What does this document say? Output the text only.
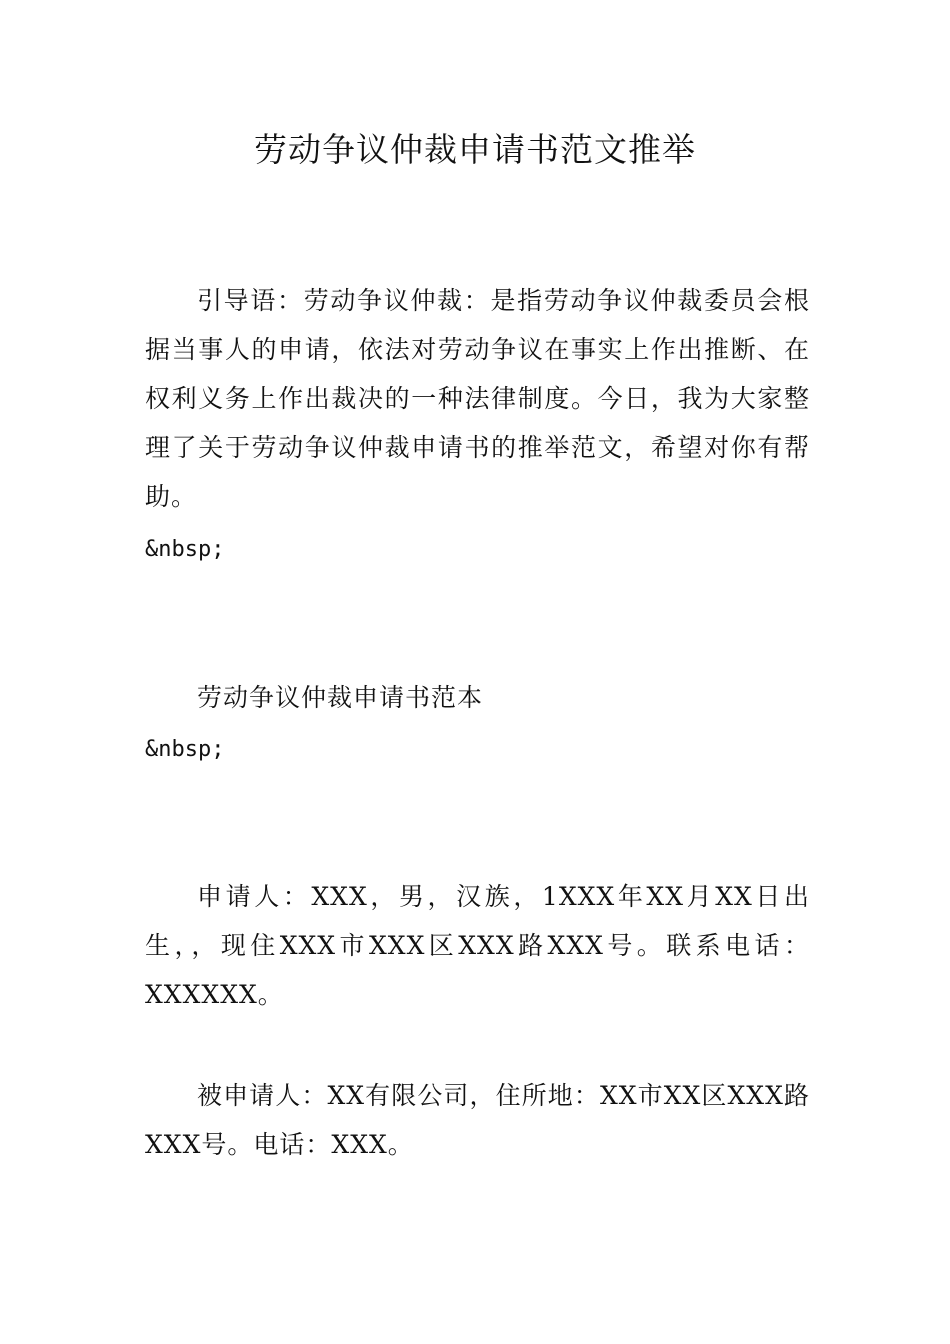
劳动争议仲裁申请书范文推举

引导语：劳动争议仲裁：是指劳动争议仲裁委员会根据当事人的申请，依法对劳动争议在事实上作出推断、在权利义务上作出裁决的一种法律制度。今日，我为大家整理了关于劳动争议仲裁申请书的推举范文，希望对你有帮助。

&nbsp;

劳动争议仲裁申请书范本

&nbsp;

申请人：XXX，男，汉族，1XXX年XX月XX日出生，，现住XXX市XXX区XXX路XXX号。联系电话：XXXXXX。

被申请人：XX有限公司，住所地：XX市XX区XXX路XXX号。电话：XXX。
